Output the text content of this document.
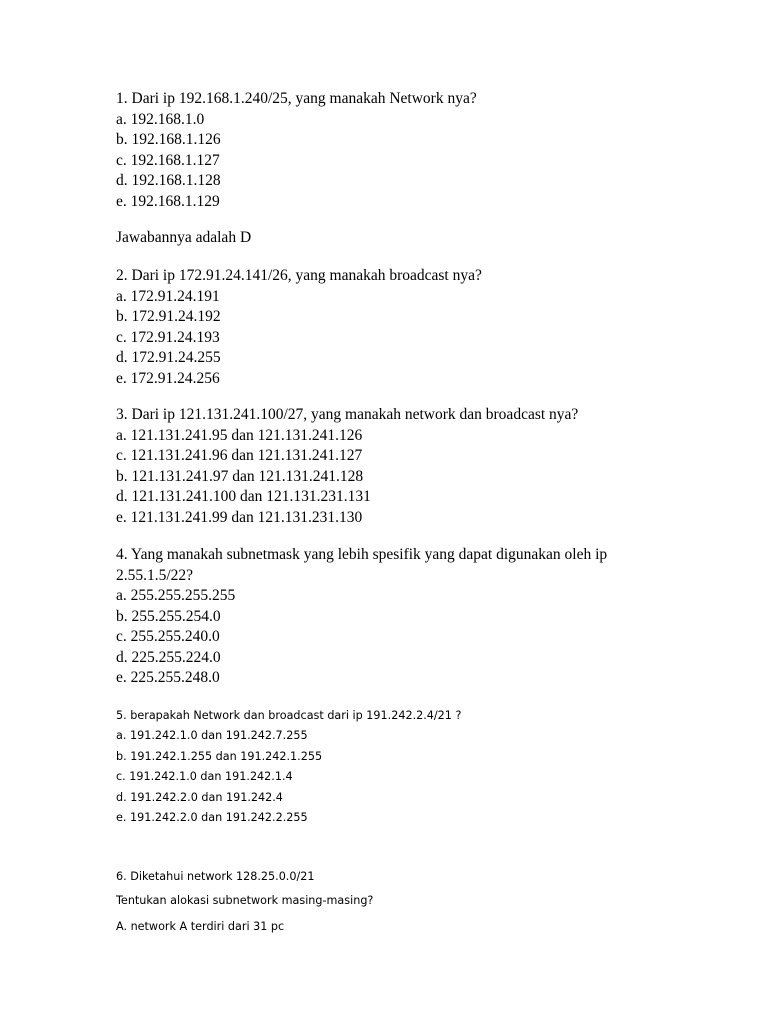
1. Dari ip 192.168.1.240/25, yang manakah Network nya?
a. 192.168.1.0
b. 192.168.1.126
c. 192.168.1.127
d. 192.168.1.128
e. 192.168.1.129
Jawabannya adalah D
2. Dari ip 172.91.24.141/26, yang manakah broadcast nya?
a. 172.91.24.191
b. 172.91.24.192
c. 172.91.24.193
d. 172.91.24.255
e. 172.91.24.256
3. Dari ip 121.131.241.100/27, yang manakah network dan broadcast nya?
a. 121.131.241.95 dan 121.131.241.126
c. 121.131.241.96 dan 121.131.241.127
b. 121.131.241.97 dan 121.131.241.128
d. 121.131.241.100 dan 121.131.231.131
e. 121.131.241.99 dan 121.131.231.130
4. Yang manakah subnetmask yang lebih spesifik yang dapat digunakan oleh ip
2.55.1.5/22?
a. 255.255.255.255
b. 255.255.254.0
c. 255.255.240.0
d. 225.255.224.0
e. 225.255.248.0
5. berapakah Network dan broadcast dari ip 191.242.2.4/21 ?
a. 191.242.1.0 dan 191.242.7.255
b. 191.242.1.255 dan 191.242.1.255
c. 191.242.1.0 dan 191.242.1.4
d. 191.242.2.0 dan 191.242.4
e. 191.242.2.0 dan 191.242.2.255
6. Diketahui network 128.25.0.0/21
Tentukan alokasi subnetwork masing-masing?
A. network A terdiri dari 31 pc
